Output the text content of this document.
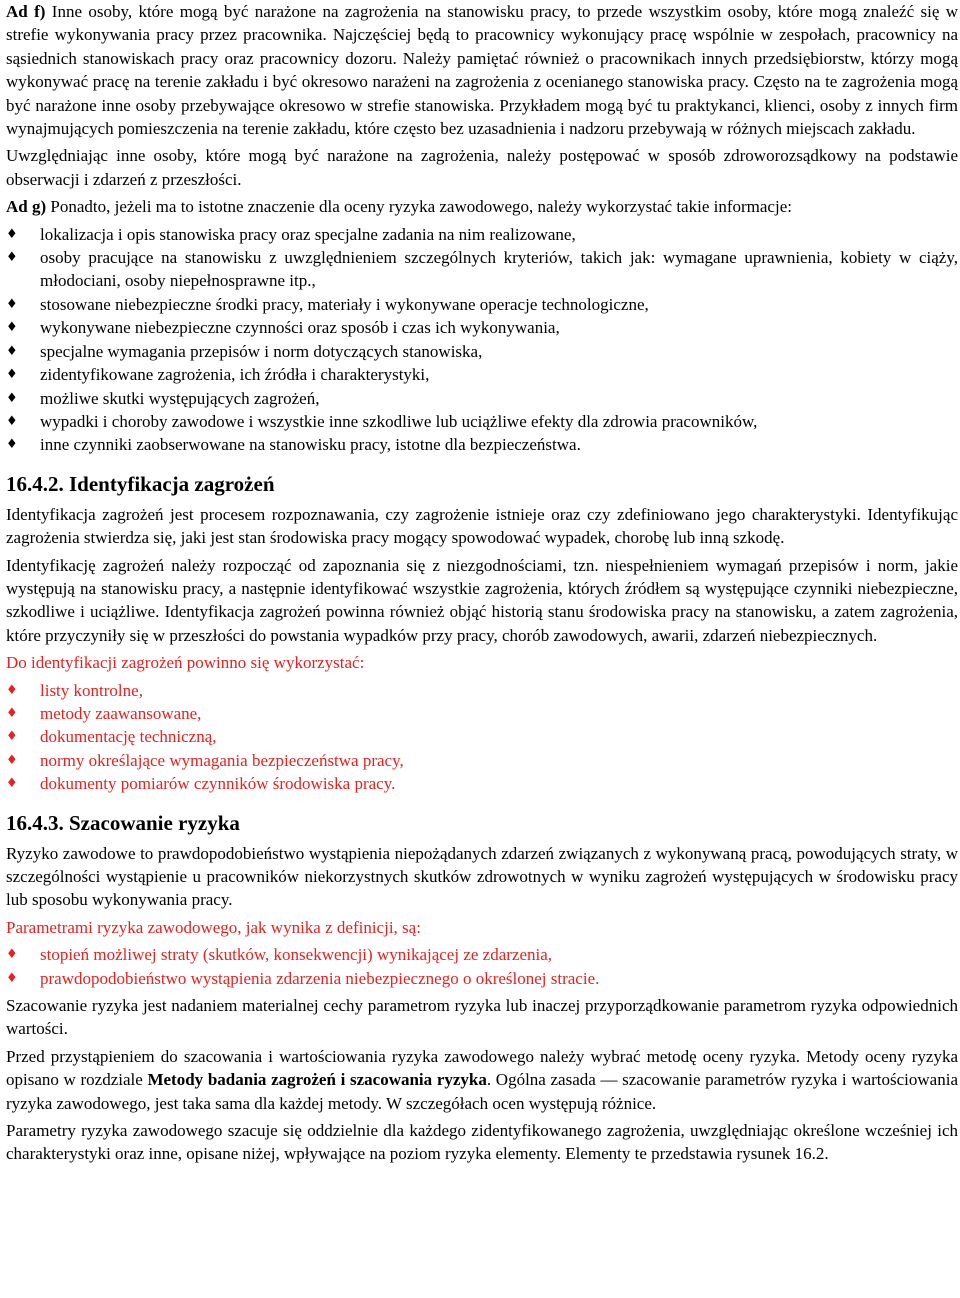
Ad f) Inne osoby, które mogą być narażone na zagrożenia na stanowisku pracy, to przede wszystkim osoby, które mogą znaleźć się w strefie wykonywania pracy przez pracownika. Najczęściej będą to pracownicy wykonujący pracę wspólnie w zespołach, pracownicy na sąsiednich stanowiskach pracy oraz pracownicy dozoru. Należy pamiętać również o pracownikach innych przedsiębiorstw, którzy mogą wykonywać pracę na terenie zakładu i być okresowo narażeni na zagrożenia z ocenianego stanowiska pracy. Często na te zagrożenia mogą być narażone inne osoby przebywające okresowo w strefie stanowiska. Przykładem mogą być tu praktykanci, klienci, osoby z innych firm wynajmujących pomieszczenia na terenie zakładu, które często bez uzasadnienia i nadzoru przebywają w różnych miejscach zakładu.

Uwzględniając inne osoby, które mogą być narażone na zagrożenia, należy postępować w sposób zdroworozsądkowy na podstawie obserwacji i zdarzeń z przeszłości.

Ad g) Ponadto, jeżeli ma to istotne znaczenie dla oceny ryzyka zawodowego, należy wykorzystać takie informacje:

♦	lokalizacja i opis stanowiska pracy oraz specjalne zadania na nim realizowane,
♦	osoby pracujące na stanowisku z uwzględnieniem szczególnych kryteriów, takich jak: wymagane uprawnienia, kobiety w ciąży, młodociani, osoby niepełnosprawne itp.,
♦	stosowane niebezpieczne środki pracy, materiały i wykonywane operacje technologiczne,
♦	wykonywane niebezpieczne czynności oraz sposób i czas ich wykonywania,
♦	specjalne wymagania przepisów i norm dotyczących stanowiska,
♦	zidentyfikowane zagrożenia, ich źródła i charakterystyki,
♦	możliwe skutki występujących zagrożeń,
♦	wypadki i choroby zawodowe i wszystkie inne szkodliwe lub uciążliwe efekty dla zdrowia pracowników,
♦	inne czynniki zaobserwowane na stanowisku pracy, istotne dla bezpieczeństwa.
16.4.2. Identyfikacja zagrożeń

Identyfikacja zagrożeń jest procesem rozpoznawania, czy zagrożenie istnieje oraz czy zdefiniowano jego charakterystyki. Identyfikując zagrożenia stwierdza się, jaki jest stan środowiska pracy mogący spowodować wypadek, chorobę lub inną szkodę.

Identyfikację zagrożeń należy rozpocząć od zapoznania się z niezgodnościami, tzn. niespełnieniem wymagań przepisów i norm, jakie występują na stanowisku pracy, a następnie identyfikować wszystkie zagrożenia, których źródłem są występujące czynniki niebezpieczne, szkodliwe i uciążliwe. Identyfikacja zagrożeń powinna również objąć historią stanu środowiska pracy na stanowisku, a zatem zagrożenia, które przyczyniły się w przeszłości do powstania wypadków przy pracy, chorób zawodowych, awarii, zdarzeń niebezpiecznych.

Do identyfikacji zagrożeń powinno się wykorzystać:

♦	listy kontrolne,
♦	metody zaawansowane,
♦	dokumentację techniczną,
♦	normy określające wymagania bezpieczeństwa pracy,
♦	dokumenty pomiarów czynników środowiska pracy.
16.4.3. Szacowanie ryzyka

Ryzyko zawodowe to prawdopodobieństwo wystąpienia niepożądanych zdarzeń związanych z wykonywaną pracą, powodujących straty, w szczególności wystąpienie u pracowników niekorzystnych skutków zdrowotnych w wyniku zagrożeń występujących w środowisku pracy lub sposobu wykonywania pracy.

Parametrami ryzyka zawodowego, jak wynika z definicji, są:

♦	stopień możliwej straty (skutków, konsekwencji) wynikającej ze zdarzenia,
♦	prawdopodobieństwo wystąpienia zdarzenia niebezpiecznego o określonej stracie.

Szacowanie ryzyka jest nadaniem materialnej cechy parametrom ryzyka lub inaczej przyporządkowanie parametrom ryzyka odpowiednich wartości.

Przed przystąpieniem do szacowania i wartościowania ryzyka zawodowego należy wybrać metodę oceny ryzyka. Metody oceny ryzyka opisano w rozdziale Metody badania zagrożeń i szacowania ryzyka. Ogólna zasada — szacowanie parametrów ryzyka i wartościowania ryzyka zawodowego, jest taka sama dla każdej metody. W szczegółach ocen występują różnice.

Parametry ryzyka zawodowego szacuje się oddzielnie dla każdego zidentyfikowanego zagrożenia, uwzględniając określone wcześniej ich charakterystyki oraz inne, opisane niżej, wpływające na poziom ryzyka elementy. Elementy te przedstawia rysunek 16.2.
